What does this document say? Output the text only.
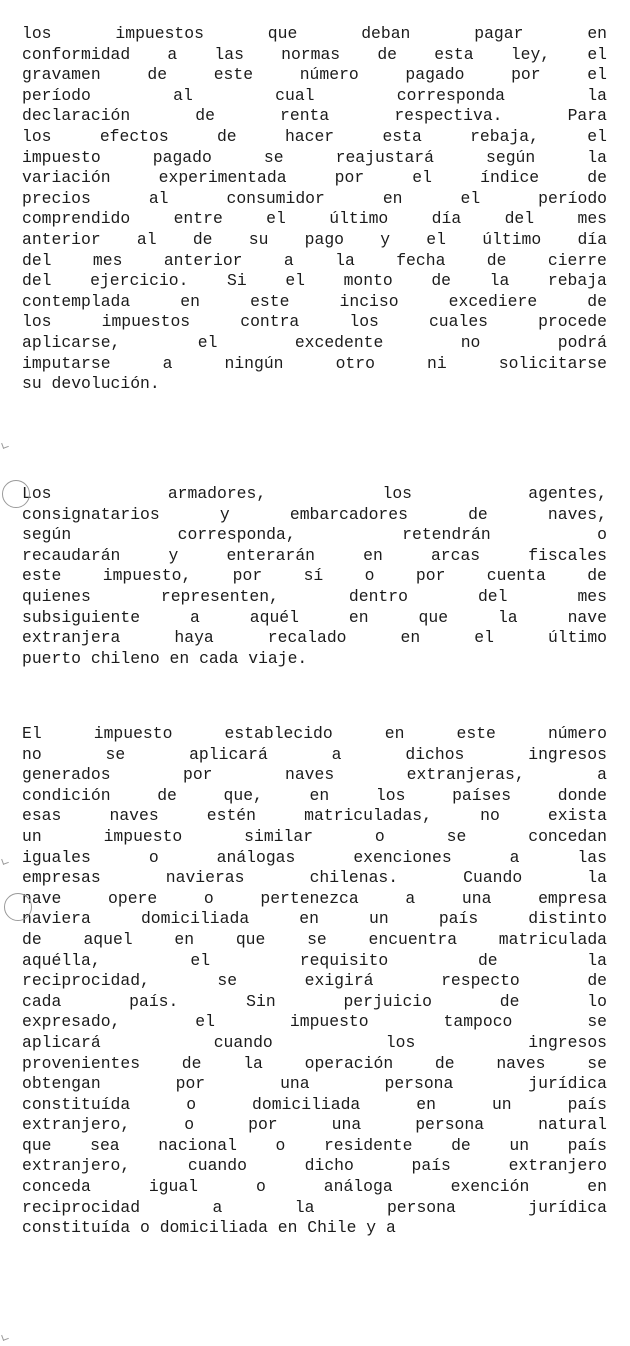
los	impuestos	que	deban	pagar	en
conformidad a las normas de esta ley, el
gravamen	de	este	número	pagado	por	el
período	al	cual	corresponda	la
declaración	de	renta	respectiva.	Para
los	efectos	de	hacer	esta	rebaja,	el
impuesto	pagado	se	reajustará	según	la
variación	experimentada	por	el	índice	de
precios	al	consumidor	en	el	período
comprendido	entre	el	último	día	del	mes
anterior al de su pago y el último día
del	mes	anterior	a	la	fecha	de	cierre
del ejercicio. Si el monto de la rebaja
contemplada	en	este	inciso	excediere	de
los	impuestos	contra	los	cuales	procede
aplicarse,	el	excedente	no	podrá
imputarse	a	ningún	otro	ni	solicitarse
su devolución.
Los	armadores,	los	agentes,
consignatarios	y	embarcadores	de	naves,
según	corresponda,	retendrán	o
recaudarán	y	enterarán	en	arcas	fiscales
este	impuesto,	por	sí	o	por	cuenta	de
quienes	representen,	dentro	del	mes
subsiguiente	a	aquél	en	que	la	nave
extranjera	haya	recalado	en	el	último
puerto chileno en cada viaje.
El	impuesto	establecido	en	este	número
no	se	aplicará	a	dichos	ingresos
generados	por	naves	extranjeras,	a
condición	de	que,	en	los	países	donde
esas	naves	estén	matriculadas,	no	exista
un	impuesto	similar	o	se	concedan
iguales	o	análogas	exenciones	a	las
empresas	navieras	chilenas.	Cuando	la
nave	opere	o	pertenezca	a	una	empresa
naviera	domiciliada	en	un	país	distinto
de	aquel	en	que	se	encuentra	matriculada
aquélla,	el	requisito	de	la
reciprocidad,	se	exigirá	respecto	de
cada	país.	Sin	perjuicio	de	lo
expresado,	el	impuesto	tampoco	se
aplicará	cuando	los	ingresos
provenientes	de	la	operación	de	naves	se
obtengan	por	una	persona	jurídica
constituída	o	domiciliada	en	un	país
extranjero,	o	por	una	persona	natural
que sea nacional o residente de un país
extranjero,	cuando	dicho	país	extranjero
conceda	igual	o	análoga	exención	en
reciprocidad	a	la	persona	jurídica
constituída o domiciliada en Chile y a
